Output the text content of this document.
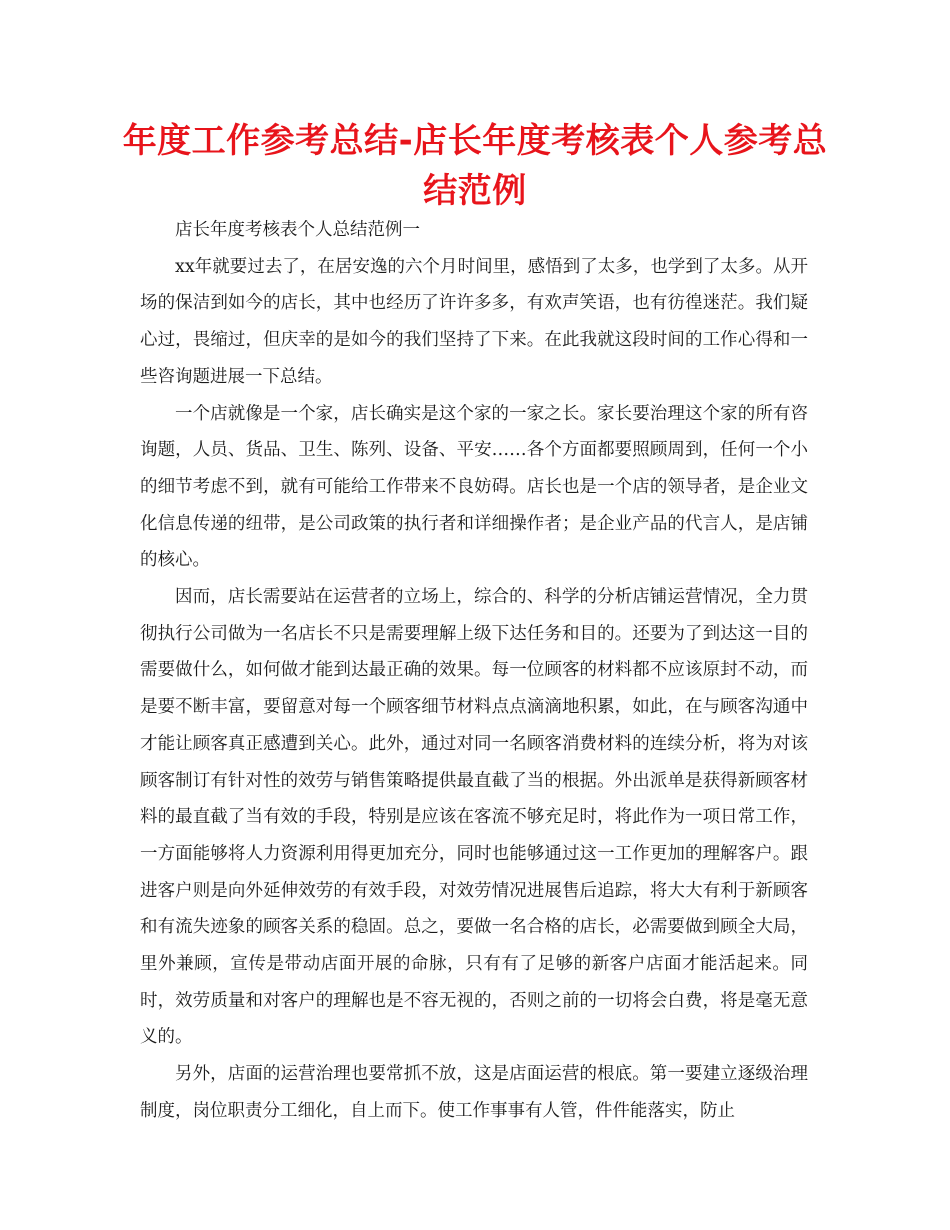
年度工作参考总结-店长年度考核表个人参考总结范例

店长年度考核表个人总结范例一

xx年就要过去了，在居安逸的六个月时间里，感悟到了太多，也学到了太多。从开场的保洁到如今的店长，其中也经历了许许多多，有欢声笑语，也有彷徨迷茫。我们疑心过，畏缩过，但庆幸的是如今的我们坚持了下来。在此我就这段时间的工作心得和一些咨询题进展一下总结。

一个店就像是一个家，店长确实是这个家的一家之长。家长要治理这个家的所有咨询题，人员、货品、卫生、陈列、设备、平安……各个方面都要照顾周到，任何一个小的细节考虑不到，就有可能给工作带来不良妨碍。店长也是一个店的领导者，是企业文化信息传递的纽带，是公司政策的执行者和详细操作者；是企业产品的代言人，是店铺的核心。

因而，店长需要站在运营者的立场上，综合的、科学的分析店铺运营情况，全力贯彻执行公司做为一名店长不只是需要理解上级下达任务和目的。还要为了到达这一目的需要做什么，如何做才能到达最正确的效果。每一位顾客的材料都不应该原封不动，而是要不断丰富，要留意对每一个顾客细节材料点点滴滴地积累，如此，在与顾客沟通中才能让顾客真正感遭到关心。此外，通过对同一名顾客消费材料的连续分析，将为对该顾客制订有针对性的效劳与销售策略提供最直截了当的根据。外出派单是获得新顾客材料的最直截了当有效的手段，特别是应该在客流不够充足时，将此作为一项日常工作，一方面能够将人力资源利用得更加充分，同时也能够通过这一工作更加的理解客户。跟进客户则是向外延伸效劳的有效手段，对效劳情况进展售后追踪，将大大有利于新顾客和有流失迹象的顾客关系的稳固。总之，要做一名合格的店长，必需要做到顾全大局，里外兼顾，宣传是带动店面开展的命脉，只有有了足够的新客户店面才能活起来。同时，效劳质量和对客户的理解也是不容无视的，否则之前的一切将会白费，将是毫无意义的。

另外，店面的运营治理也要常抓不放，这是店面运营的根底。第一要建立逐级治理制度，岗位职责分工细化，自上而下。使工作事事有人管，件件能落实，防止
